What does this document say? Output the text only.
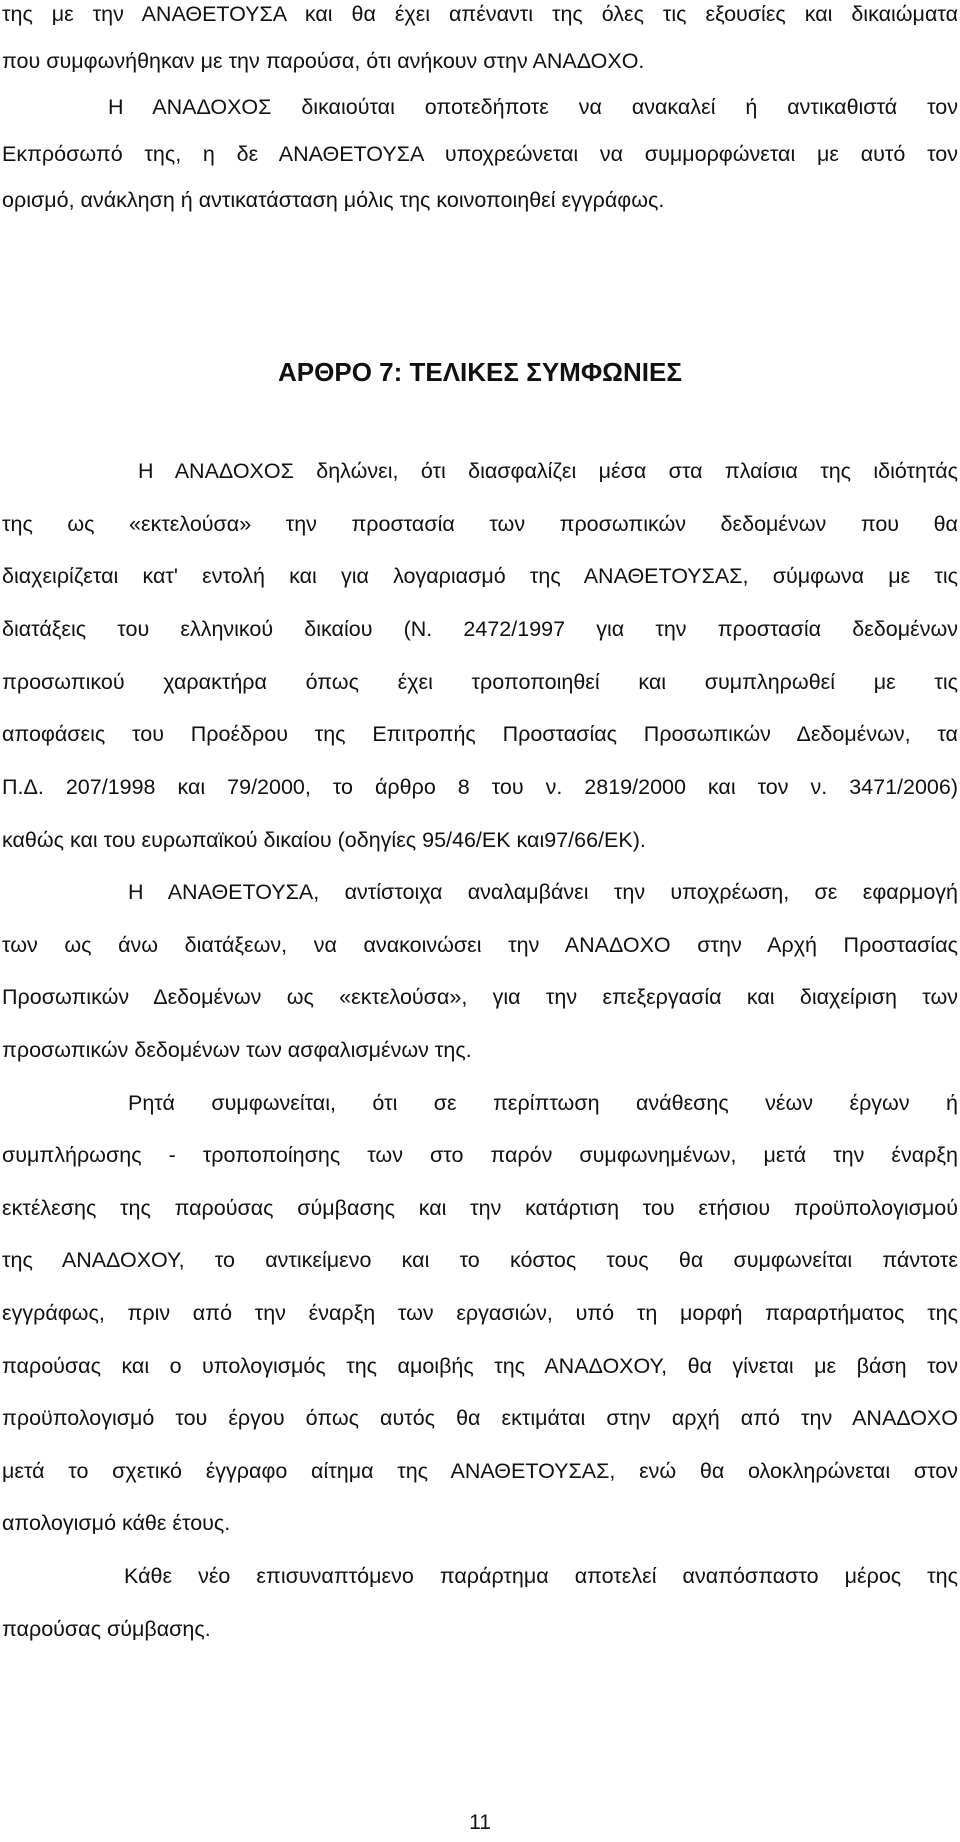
της με την ΑΝΑΘΕΤΟΥΣΑ και θα έχει απέναντι της όλες τις εξουσίες και δικαιώματα
που συμφωνήθηκαν με την παρούσα, ότι ανήκουν στην ΑΝΑΔΟΧΟ.
Η ΑΝΑΔΟΧΟΣ δικαιούται οποτεδήποτε να ανακαλεί ή αντικαθιστά τον
Εκπρόσωπό της, η δε ΑΝΑΘΕΤΟΥΣΑ υποχρεώνεται να συμμορφώνεται με αυτό τον
ορισμό, ανάκληση ή αντικατάσταση μόλις της κοινοποιηθεί εγγράφως.
ΑΡΘΡΟ 7: ΤΕΛΙΚΕΣ ΣΥΜΦΩΝΙΕΣ
Η ΑΝΑΔΟΧΟΣ δηλώνει, ότι διασφαλίζει μέσα στα πλαίσια της ιδιότητάς
της ως «εκτελούσα» την προστασία των προσωπικών δεδομένων που θα
διαχειρίζεται κατ' εντολή και για λογαριασμό της ΑΝΑΘΕΤΟΥΣΑΣ, σύμφωνα με τις
διατάξεις του ελληνικού δικαίου (Ν. 2472/1997 για την προστασία δεδομένων
προσωπικού χαρακτήρα όπως έχει τροποποιηθεί και συμπληρωθεί με τις
αποφάσεις του Προέδρου της Επιτροπής Προστασίας Προσωπικών Δεδομένων, τα
Π.Δ. 207/1998 και 79/2000, το άρθρο 8 του ν. 2819/2000 και τον ν. 3471/2006)
καθώς και του ευρωπαϊκού δικαίου (οδηγίες 95/46/ΕΚ και97/66/ΕΚ).
Η ΑΝΑΘΕΤΟΥΣΑ, αντίστοιχα αναλαμβάνει την υποχρέωση, σε εφαρμογή
των ως άνω διατάξεων, να ανακοινώσει την ΑΝΑΔΟΧΟ στην Αρχή Προστασίας
Προσωπικών Δεδομένων ως «εκτελούσα», για την επεξεργασία και διαχείριση των
προσωπικών δεδομένων των ασφαλισμένων της.
Ρητά συμφωνείται, ότι σε περίπτωση ανάθεσης νέων έργων ή
συμπλήρωσης - τροποποίησης των στο παρόν συμφωνημένων, μετά την έναρξη
εκτέλεσης της παρούσας σύμβασης και την κατάρτιση του ετήσιου προϋπολογισμού
της ΑΝΑΔΟΧΟΥ, το αντικείμενο και το κόστος τους θα συμφωνείται πάντοτε
εγγράφως, πριν από την έναρξη των εργασιών, υπό τη μορφή παραρτήματος της
παρούσας και ο υπολογισμός της αμοιβής της ΑΝΑΔΟΧΟΥ, θα γίνεται με βάση τον
προϋπολογισμό του έργου όπως αυτός θα εκτιμάται στην αρχή από την ΑΝΑΔΟΧΟ
μετά το σχετικό έγγραφο αίτημα της ΑΝΑΘΕΤΟΥΣΑΣ, ενώ θα ολοκληρώνεται στον
απολογισμό κάθε έτους.
Κάθε νέο επισυναπτόμενο παράρτημα αποτελεί αναπόσπαστο μέρος της
παρούσας σύμβασης.
11
